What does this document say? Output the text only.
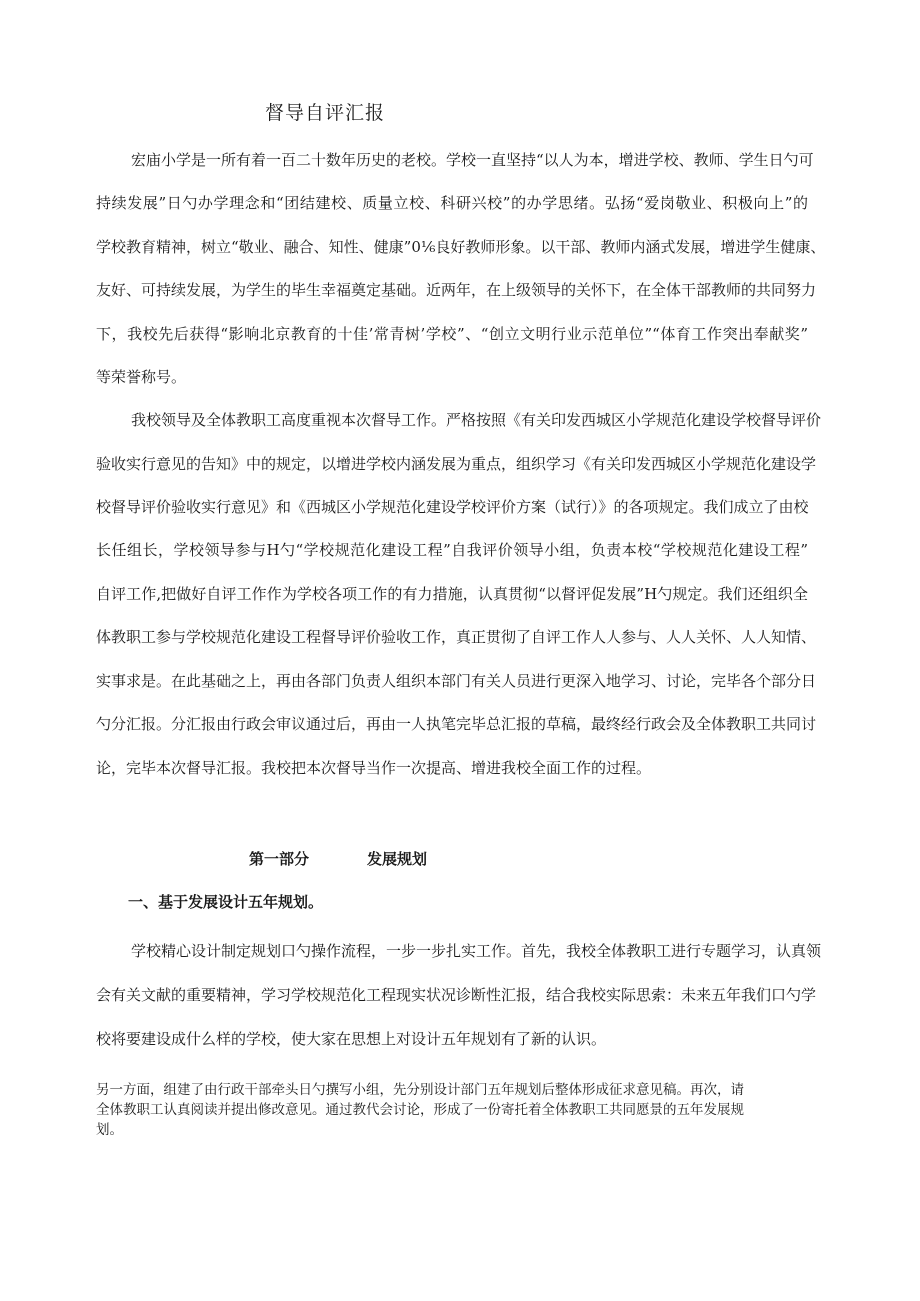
督导自评汇报
宏庙小学是一所有着一百二十数年历史的老校。学校一直坚持“以人为本，增进学校、教师、学生日勺可
持续发展”日勺办学理念和“团结建校、质量立校、科研兴校”的办学思绪。弘扬“爱岗敬业、积极向上”的
学校教育精神，树立“敬业、融合、知性、健康”0⅙良好教师形象。以干部、教师内涵式发展，增进学生健康、
友好、可持续发展，为学生的毕生幸福奠定基础。近两年，在上级领导的关怀下，在全体干部教师的共同努力
下，我校先后获得“影响北京教育的十佳’常青树’学校”、“创立文明行业示范单位”“体育工作突出奉献奖”
等荣誉称号。
我校领导及全体教职工高度重视本次督导工作。严格按照《有关印发西城区小学规范化建设学校督导评价
验收实行意见的告知》中的规定，以增进学校内涵发展为重点，组织学习《有关印发西城区小学规范化建设学
校督导评价验收实行意见》和《西城区小学规范化建设学校评价方案（试行）》的各项规定。我们成立了由校
长任组长，学校领导参与H勺“学校规范化建设工程”自我评价领导小组，负责本校“学校规范化建设工程”
自评工作,把做好自评工作作为学校各项工作的有力措施，认真贯彻“以督评促发展”H勺规定。我们还组织全
体教职工参与学校规范化建设工程督导评价验收工作，真正贯彻了自评工作人人参与、人人关怀、人人知情、
实事求是。在此基础之上，再由各部门负责人组织本部门有关人员进行更深入地学习、讨论，完毕各个部分日
勺分汇报。分汇报由行政会审议通过后，再由一人执笔完毕总汇报的草稿，最终经行政会及全体教职工共同讨
论，完毕本次督导汇报。我校把本次督导当作一次提高、增进我校全面工作的过程。
第一部分	发展规划
一、基于发展设计五年规划。
学校精心设计制定规划口勺操作流程，一步一步扎实工作。首先，我校全体教职工进行专题学习，认真领
会有关文献的重要精神，学习学校规范化工程现实状况诊断性汇报，结合我校实际思索：未来五年我们口勺学
校将要建设成什么样的学校，使大家在思想上对设计五年规划有了新的认识。
另一方面，组建了由行政干部牵头日勺撰写小组，先分别设计部门五年规划后整体形成征求意见稿。再次，请
全体教职工认真阅读并提出修改意见。通过教代会讨论，形成了一份寄托着全体教职工共同愿景的五年发展规
划。
